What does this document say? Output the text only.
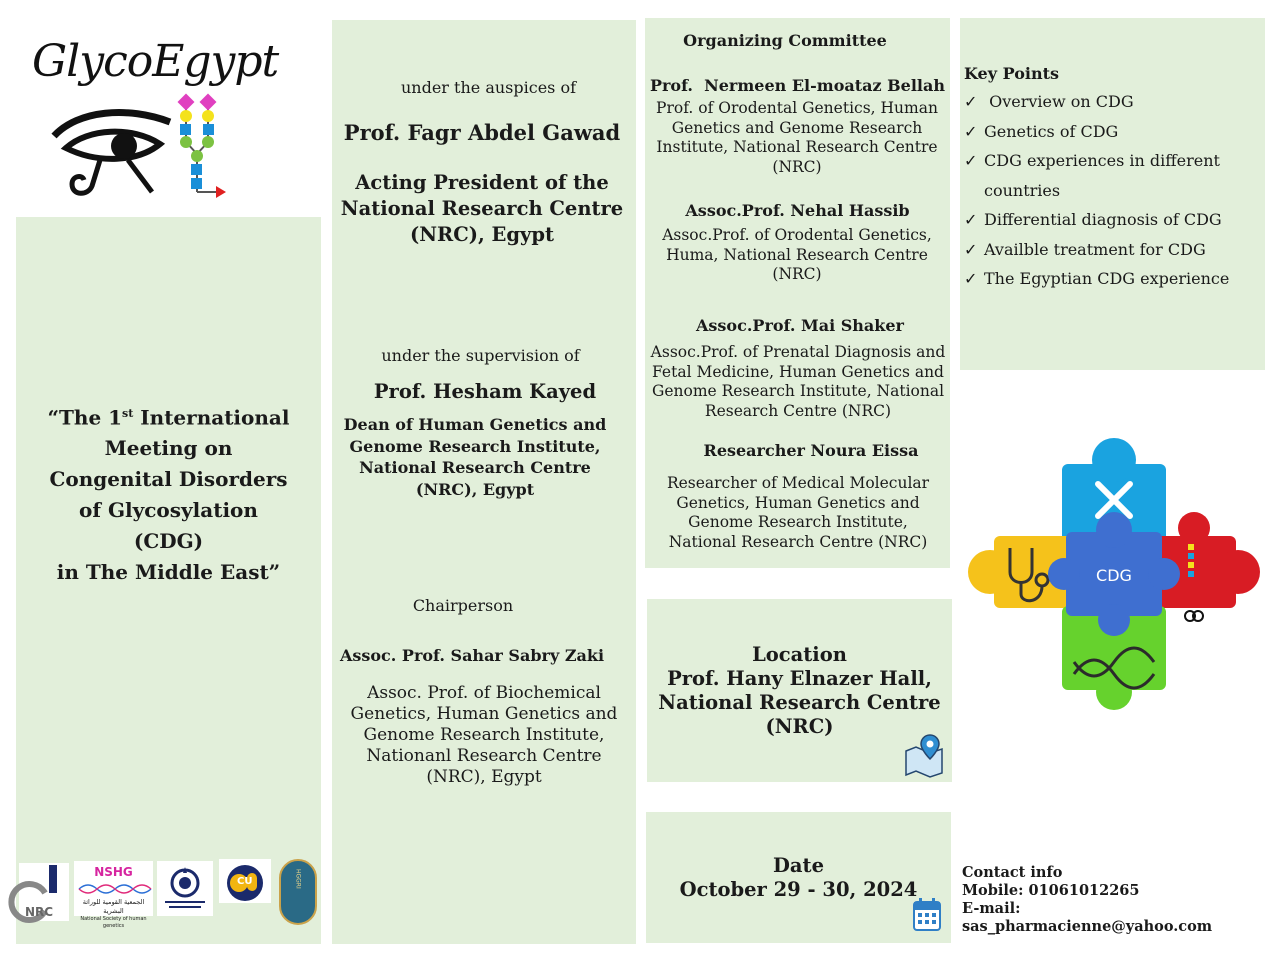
GlycoEgypt
“The 1st International
Meeting on
Congenital Disorders
of Glycosylation
(CDG)
in The Middle East”
NRC
NSHG
الجمعية القومية للوراثة البشرية
National Society of human genetics
CU	HGGRI
under the auspices of
Prof. Fagr Abdel Gawad
Acting President of the National Research Centre (NRC), Egypt
under the supervision of
Prof. Hesham Kayed
Dean of Human Genetics and Genome Research Institute, National Research Centre (NRC), Egypt
Chairperson
Assoc. Prof. Sahar Sabry Zaki
Assoc. Prof. of Biochemical Genetics, Human Genetics and Genome Research Institute, Nationanl Research Centre (NRC), Egypt
Organizing Committee
Prof.  Nermeen El-moataz Bellah
Prof. of Orodental Genetics, Human Genetics and Genome Research Institute, National Research Centre (NRC)
Assoc.Prof. Nehal Hassib
Assoc.Prof. of Orodental Genetics, Huma, National Research Centre (NRC)
Assoc.Prof. Mai Shaker
Assoc.Prof. of Prenatal Diagnosis and Fetal Medicine, Human Genetics and Genome Research Institute, National Research Centre (NRC)
Researcher Noura Eissa
Researcher of Medical Molecular Genetics, Human Genetics and Genome Research Institute, National Research Centre (NRC)
Location
Prof. Hany Elnazer Hall,
National Research Centre
(NRC)
Date
October 29 - 30, 2024
Key Points
✓ Overview on CDG
✓ Genetics of CDG
✓ CDG experiences in different countries
✓ Differential diagnosis of CDG
✓ Availble treatment for CDG
✓ The Egyptian CDG experience
CDG
Contact info
Mobile: 01061012265
E-mail: sas_pharmacienne@yahoo.com
